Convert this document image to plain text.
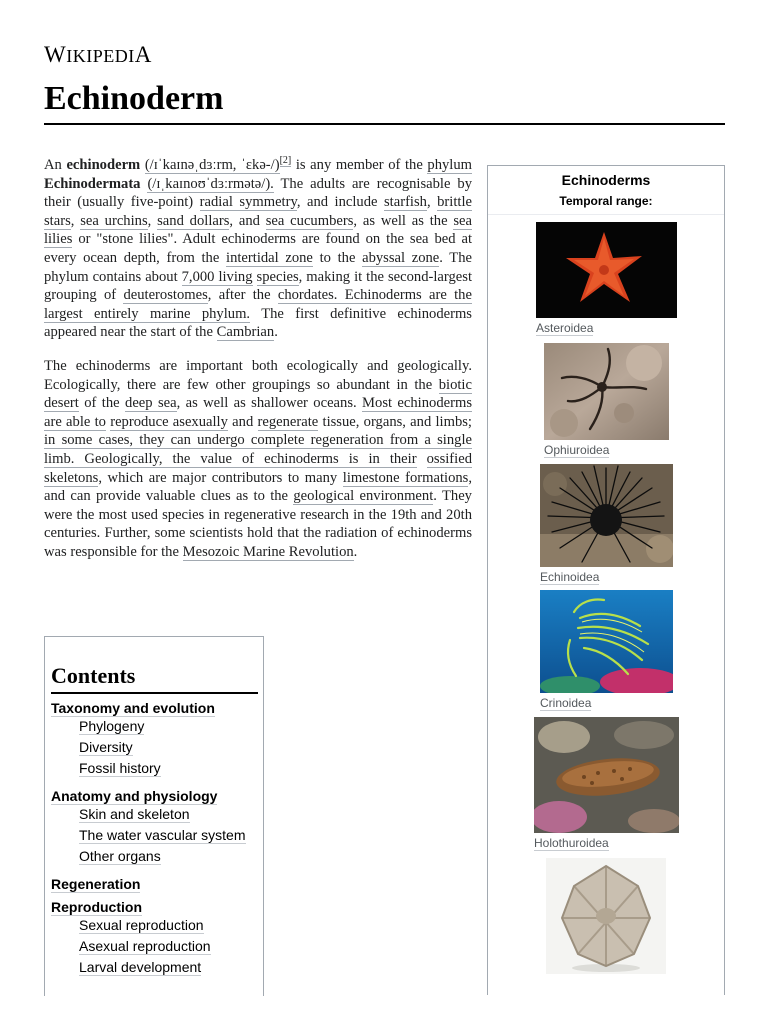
WIKIPEDIA
Echinoderm

An echinoderm (/ɪˈkaɪnəˌdɜːrm, ˈɛkə-/)[2] is any member of the phylum Echinodermata (/ɪˌkaɪnoʊˈdɜːrmətə/). The adults are recognisable by their (usually five-point) radial symmetry, and include starfish, brittle stars, sea urchins, sand dollars, and sea cucumbers, as well as the sea lilies or "stone lilies". Adult echinoderms are found on the sea bed at every ocean depth, from the intertidal zone to the abyssal zone. The phylum contains about 7,000 living species, making it the second-largest grouping of deuterostomes, after the chordates. Echinoderms are the largest entirely marine phylum. The first definitive echinoderms appeared near the start of the Cambrian.

The echinoderms are important both ecologically and geologically. Ecologically, there are few other groupings so abundant in the biotic desert of the deep sea, as well as shallower oceans. Most echinoderms are able to reproduce asexually and regenerate tissue, organs, and limbs; in some cases, they can undergo complete regeneration from a single limb. Geologically, the value of echinoderms is in their ossified skeletons, which are major contributors to many limestone formations, and can provide valuable clues as to the geological environment. They were the most used species in regenerative research in the 19th and 20th centuries. Further, some scientists hold that the radiation of echinoderms was responsible for the Mesozoic Marine Revolution.

Contents
Taxonomy and evolution
Phylogeny
Diversity
Fossil history
Anatomy and physiology
Skin and skeleton
The water vascular system
Other organs
Regeneration
Reproduction
Sexual reproduction
Asexual reproduction
Larval development
Echinoderms
Temporal range:
Asteroidea
Ophiuroidea
Echinoidea
Crinoidea
Holothuroidea
